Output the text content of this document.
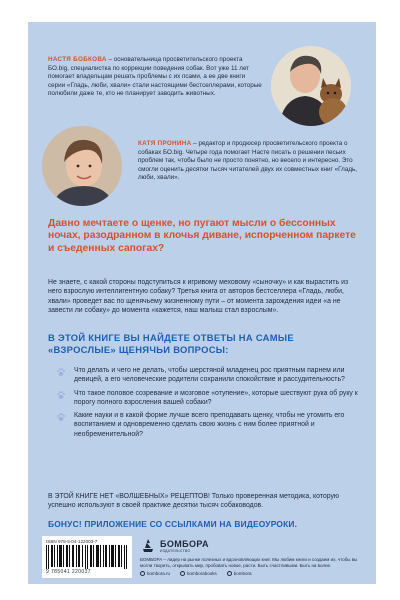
НАСТЯ БОБКОВА – основательница просветительского проекта БО.big, специалистка по коррекции поведения собак. Вот уже 11 лет помогает владельцам решать проблемы с их псами, а ее две книги серии «Гладь, люби, хвали» стали настоящими бестселлерами, которые полюбили даже те, кто не планирует заводить животных.

КАТЯ ПРОНИНА – редактор и продюсер просветительского проекта о собаках БО.big. Четыре года помогает Насте писать о решении песьих проблем так, чтобы было не просто понятно, но весело и интересно. Это смогли оценить десятки тысяч читателей двух их совместных книг «Гладь, люби, хвали».

Давно мечтаете о щенке, но пугают мысли о бессонных ночах, разодранном в клочья диване, испорченном паркете и съеденных сапогах?

Не знаете, с какой стороны подступиться к игривому меховому «сыночку» и как вырастить из него взрослую интеллигентную собаку? Третья книга от авторов бестселлера «Гладь, люби, хвали» проведет вас по щенячьему жизненному пути – от момента зарождения идеи «а не завести ли собаку» до момента «кажется, наш малыш стал взрослым».

В ЭТОЙ КНИГЕ ВЫ НАЙДЕТЕ ОТВЕТЫ НА САМЫЕ «ВЗРОСЛЫЕ» ЩЕНЯЧЬИ ВОПРОСЫ:

Что делать и чего не делать, чтобы шерстяной младенец рос приятным парнем или девицей, а его человеческие родители сохранили спокойствие и рассудительность?
Что такое половое созревание и мозговое «отупение», которые шествуют рука об руку к порогу полного взросления вашей собаки?
Какие науки и в какой форме лучше всего преподавать щенку, чтобы не утомить его воспитанием и одновременно сделать свою жизнь с ним более приятной и необременительной?

В ЭТОЙ КНИГЕ НЕТ «ВОЛШЕБНЫХ» РЕЦЕПТОВ! Только проверенная методика, которую успешно используют в своей практике десятки тысяч собаководов.

БОНУС! ПРИЛОЖЕНИЕ СО ССЫЛКАМИ НА ВИДЕОУРОКИ.

ISBN 978-5-04-122003-7
9 785041 220037
БОМБОРА
ИЗДАТЕЛЬСТВО

БОМБОРА – лидер на рынке полезных и вдохновляющих книг. Мы любим книги и создаем их, чтобы вы могли творить, открывать мир, пробовать новое, расти. Быть счастливыми. Быть на волне.

bombora.ru	bomborabooks	bombora
